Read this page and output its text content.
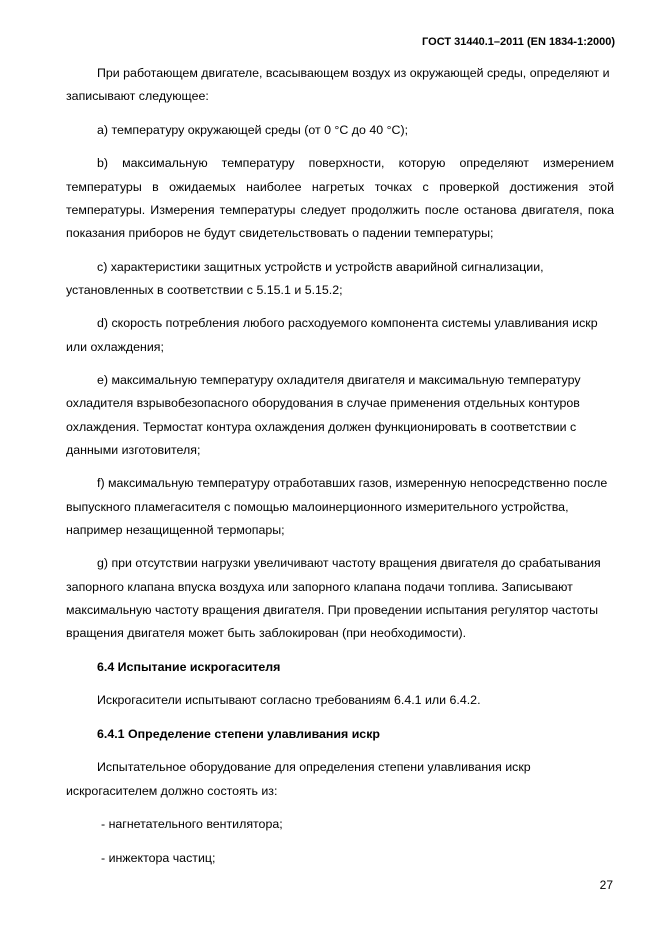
ГОСТ 31440.1–2011 (EN 1834-1:2000)

При работающем двигателе, всасывающем воздух из окружающей среды, определяют и записывают следующее:

a) температуру окружающей среды (от 0 °С до 40 °С);

b) максимальную температуру поверхности, которую определяют измерением температуры в ожидаемых наиболее нагретых точках с проверкой достижения этой температуры. Измерения температуры следует продолжить после останова двигателя, пока показания приборов не будут свидетельствовать о падении температуры;

c) характеристики защитных устройств и устройств аварийной сигнализации, установленных в соответствии с 5.15.1 и 5.15.2;

d) скорость потребления любого расходуемого компонента системы улавливания искр или охлаждения;

e) максимальную температуру охладителя двигателя и максимальную температуру охладителя взрывобезопасного оборудования в случае применения отдельных контуров охлаждения. Термостат контура охлаждения должен функционировать в соответствии с данными изготовителя;

f) максимальную температуру отработавших газов, измеренную непосредственно после выпускного пламегасителя с помощью малоинерционного измерительного устройства, например незащищенной термопары;

g) при отсутствии нагрузки увеличивают частоту вращения двигателя до срабатывания запорного клапана впуска воздуха или запорного клапана подачи топлива. Записывают максимальную частоту вращения двигателя. При проведении испытания регулятор частоты вращения двигателя может быть заблокирован (при необходимости).

6.4 Испытание искрогасителя

Искрогасители испытывают согласно требованиям 6.4.1 или 6.4.2.

6.4.1 Определение степени улавливания искр

Испытательное оборудование для определения степени улавливания искр искрогасителем должно состоять из:

- нагнетательного вентилятора;

- инжектора частиц;

27
